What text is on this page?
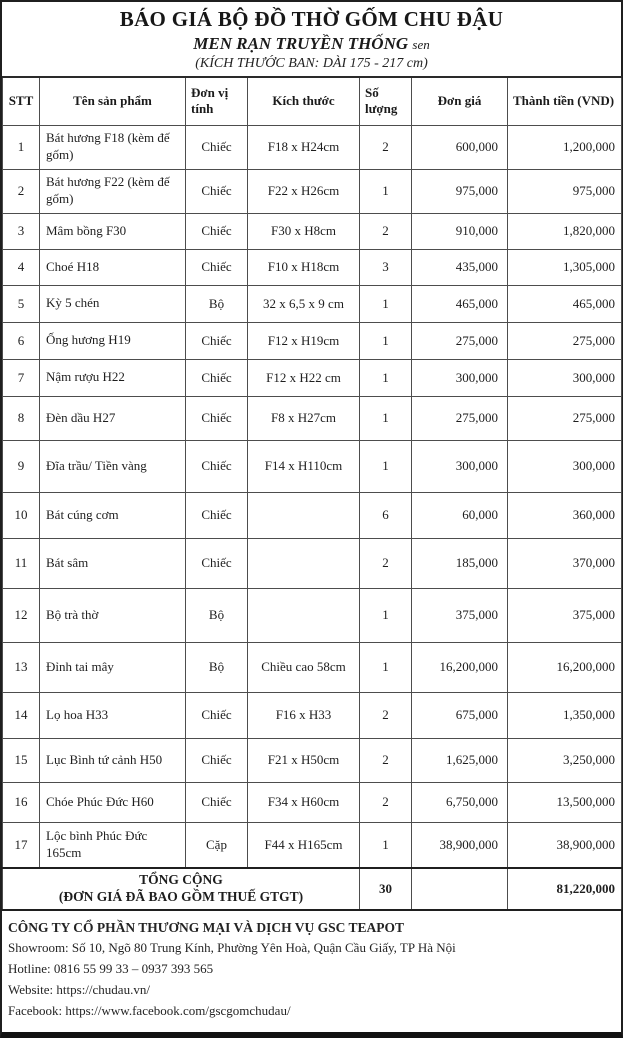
BÁO GIÁ BỘ ĐỒ THỜ GỐM CHU ĐẬU
MEN RẠN TRUYỀN THỐNG sen
(KÍCH THƯỚC BAN: DÀI 175 - 217 cm)
STT	Tên sản phẩm	Đơn vị tính	Kích thước	Số lượng	Đơn giá	Thành tiền (VND)
1	Bát hương F18 (kèm đế gốm)	Chiếc	F18 x H24cm	2	600,000	1,200,000
2	Bát hương F22 (kèm đế gốm)	Chiếc	F22 x H26cm	1	975,000	975,000
3	Mâm bồng F30	Chiếc	F30 x H8cm	2	910,000	1,820,000
4	Choé H18	Chiếc	F10 x H18cm	3	435,000	1,305,000
5	Kỳ 5 chén	Bộ	32 x 6,5 x 9 cm	1	465,000	465,000
6	Ống hương H19	Chiếc	F12 x H19cm	1	275,000	275,000
7	Nậm rượu H22	Chiếc	F12 x H22 cm	1	300,000	300,000
8	Đèn dầu H27	Chiếc	F8 x H27cm	1	275,000	275,000
9	Đĩa trầu/ Tiền vàng	Chiếc	F14 x H110cm	1	300,000	300,000
10	Bát cúng cơm	Chiếc		6	60,000	360,000
11	Bát sâm	Chiếc		2	185,000	370,000
12	Bộ trà thờ	Bộ		1	375,000	375,000
13	Đỉnh tai mây	Bộ	Chiều cao 58cm	1	16,200,000	16,200,000
14	Lọ hoa H33	Chiếc	F16 x H33	2	675,000	1,350,000
15	Lục Bình tứ cảnh H50	Chiếc	F21 x H50cm	2	1,625,000	3,250,000
16	Chóe Phúc Đức H60	Chiếc	F34 x H60cm	2	6,750,000	13,500,000
17	Lộc bình Phúc Đức 165cm	Cặp	F44 x H165cm	1	38,900,000	38,900,000

TỔNG CỘNG
(ĐƠN GIÁ ĐÃ BAO GỒM THUẾ GTGT)				30		81,220,000
CÔNG TY CỔ PHẦN THƯƠNG MẠI VÀ DỊCH VỤ GSC TEAPOT
Showroom: Số 10, Ngõ 80 Trung Kính, Phường Yên Hoà, Quận Cầu Giấy, TP Hà Nội
Hotline: 0816 55 99 33 – 0937 393 565
Website: https://chudau.vn/
Facebook: https://www.facebook.com/gscgomchudau/
